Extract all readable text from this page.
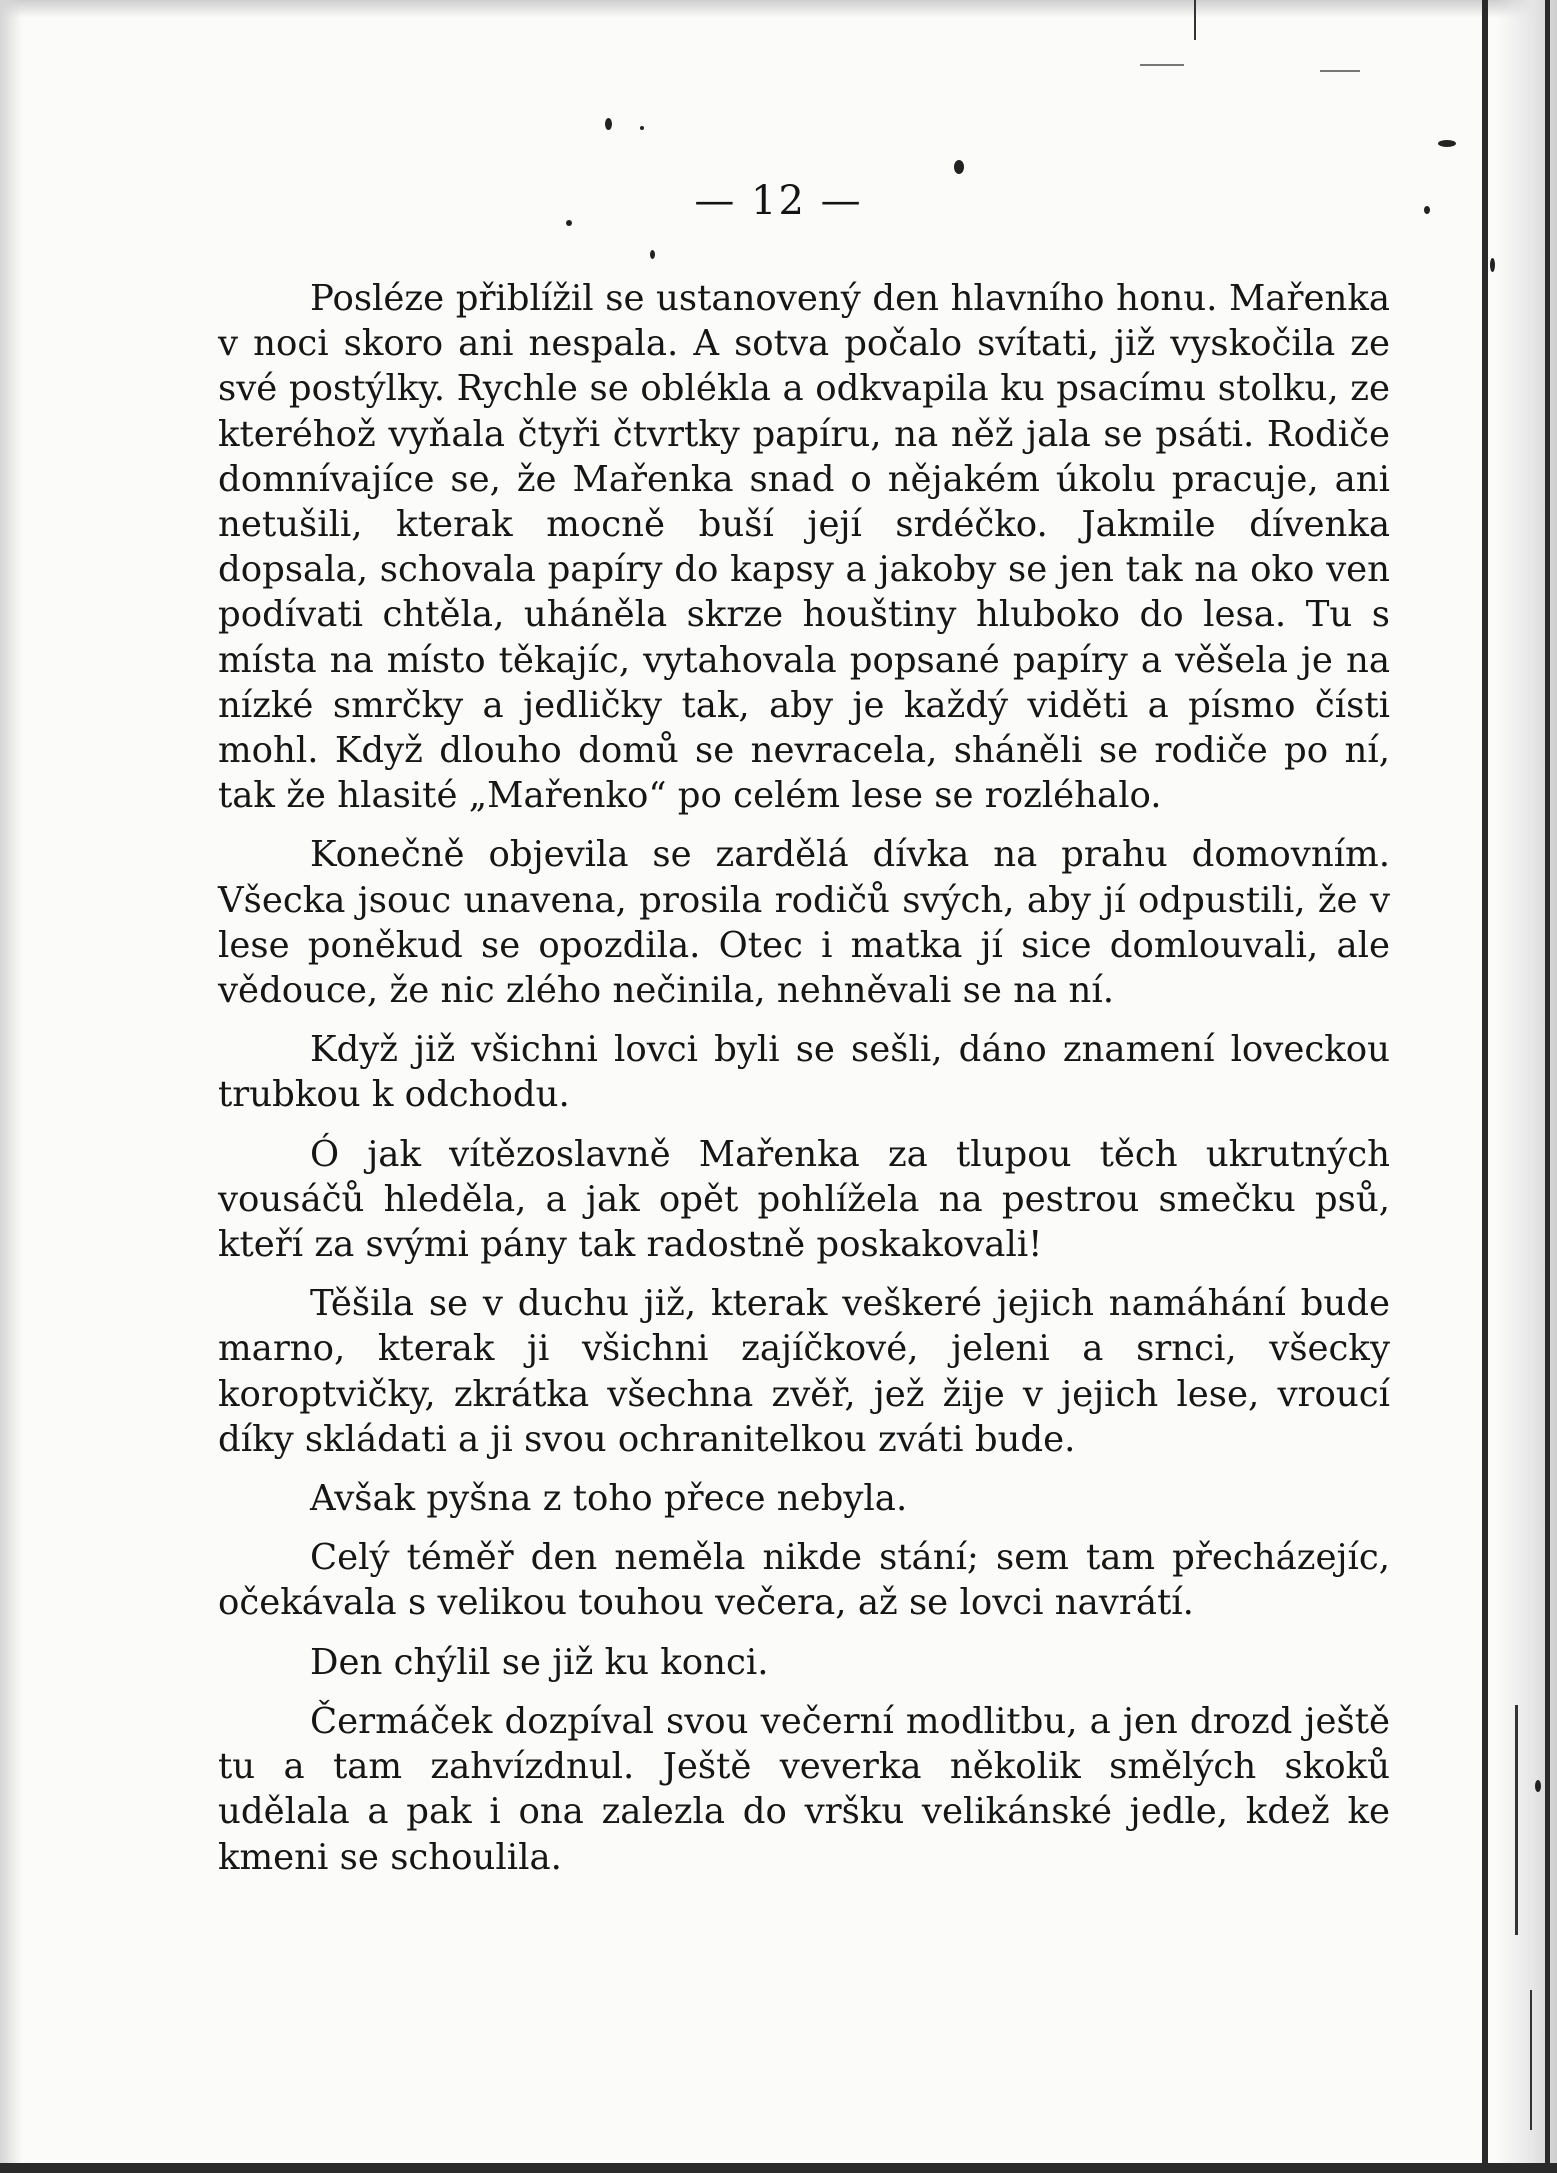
— 12 —

Posléze přiblížil se ustanovený den hlavního honu. Mařenka v noci skoro ani nespala. A sotva počalo svítati, již vyskočila ze své postýlky. Rychle se oblékla a odkvapila ku psacímu stolku, ze kteréhož vyňala čtyři čtvrtky papíru, na něž jala se psáti. Rodiče domnívajíce se, že Mařenka snad o nějakém úkolu pracuje, ani netušili, kterak mocně buší její srdéčko. Jakmile dívenka dopsala, schovala papíry do kapsy a jakoby se jen tak na oko ven podívati chtěla, uháněla skrze houštiny hluboko do lesa. Tu s místa na místo těkajíc, vytahovala popsané papíry a věšela je na nízké smrčky a jedličky tak, aby je každý viděti a písmo čísti mohl. Když dlouho domů se nevracela, sháněli se rodiče po ní, tak že hlasité „Mařenko“ po celém lese se rozléhalo.

Konečně objevila se zardělá dívka na prahu domovním. Všecka jsouc unavena, prosila rodičů svých, aby jí odpustili, že v lese poněkud se opozdila. Otec i matka jí sice domlouvali, ale vědouce, že nic zlého nečinila, nehněvali se na ní.

Když již všichni lovci byli se sešli, dáno znamení loveckou trubkou k odchodu.

Ó jak vítězoslavně Mařenka za tlupou těch ukrutných vousáčů hleděla, a jak opět pohlížela na pestrou smečku psů, kteří za svými pány tak radostně poskakovali!

Těšila se v duchu již, kterak veškeré jejich namáhání bude marno, kterak ji všichni zajíčkové, jeleni a srnci, všecky koroptvičky, zkrátka všechna zvěř, jež žije v jejich lese, vroucí díky skládati a ji svou ochranitelkou zváti bude.

Avšak pyšna z toho přece nebyla.

Celý téměř den neměla nikde stání; sem tam přecházejíc, očekávala s velikou touhou večera, až se lovci navrátí.

Den chýlil se již ku konci.

Čermáček dozpíval svou večerní modlitbu, a jen drozd ještě tu a tam zahvízdnul. Ještě veverka několik smělých skoků udělala a pak i ona zalezla do vršku velikánské jedle, kdež ke kmeni se schoulila.
